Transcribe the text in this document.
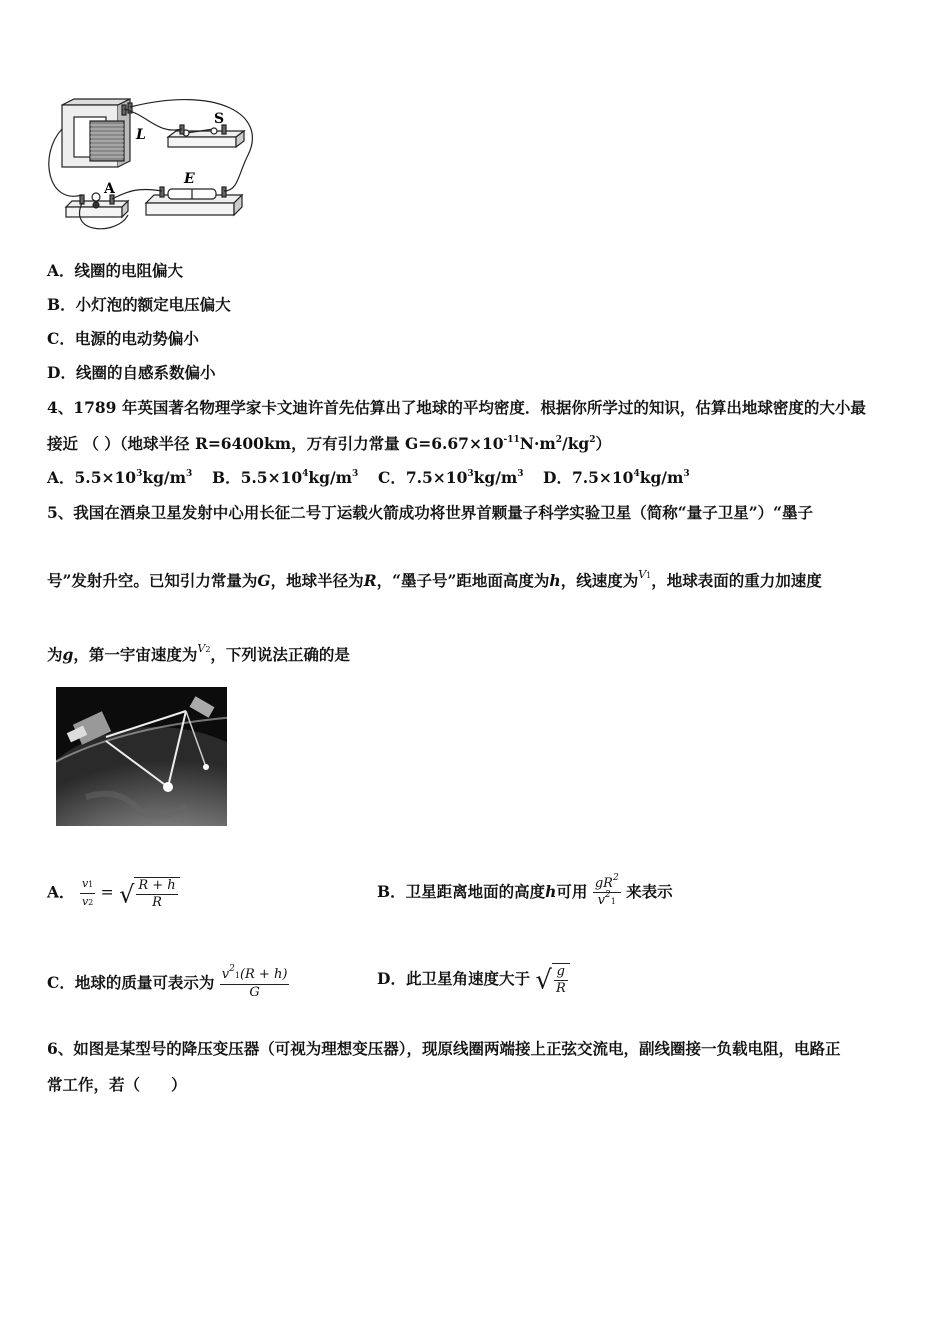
S
L
A
E
A．线圈的电阻偏大
B．小灯泡的额定电压偏大
C．电源的电动势偏小
D．线圈的自感系数偏小
4、1789 年英国著名物理学家卡文迪许首先估算出了地球的平均密度．根据你所学过的知识，估算出地球密度的大小最
接近 （ ）（地球半径 R=6400km，万有引力常量 $G=6.67\times 10^{-11}N\cdot m^2/kg^2$）
A．$5.5\times 10^3kg/m^3$ B．$5.5\times 10^4kg/m^3$ C．$7.5\times 10^3kg/m^3$ D．$7.5\times 10^4kg/m^3$
5、我国在酒泉卫星发射中心用长征二号丁运载火箭成功将世界首颗量子科学实验卫星（简称“量子卫星”）“墨子
号”发射升空。已知引力常量为G，地球半径为R，“墨子号”距地面高度为h，线速度为$^{V1}$，地球表面的重力加速度
为g，第一宇宙速度为$^{V2}$，下列说法正确的是
A． $\frac{v1}{v2}$ = √ $\frac{R + h}{R}$	B．卫星距离地面的高度h可用 $\frac{gR^2}{v^21}$ 来表示
C．地球的质量可表示为 $\frac{v^21(R + h)}{G}$	D．此卫星角速度大于 √ $\frac{g}{R}$
6、如图是某型号的降压变压器（可视为理想变压器），现原线圈两端接上正弦交流电，副线圈接一负载电阻，电路正
常工作，若（　　）
